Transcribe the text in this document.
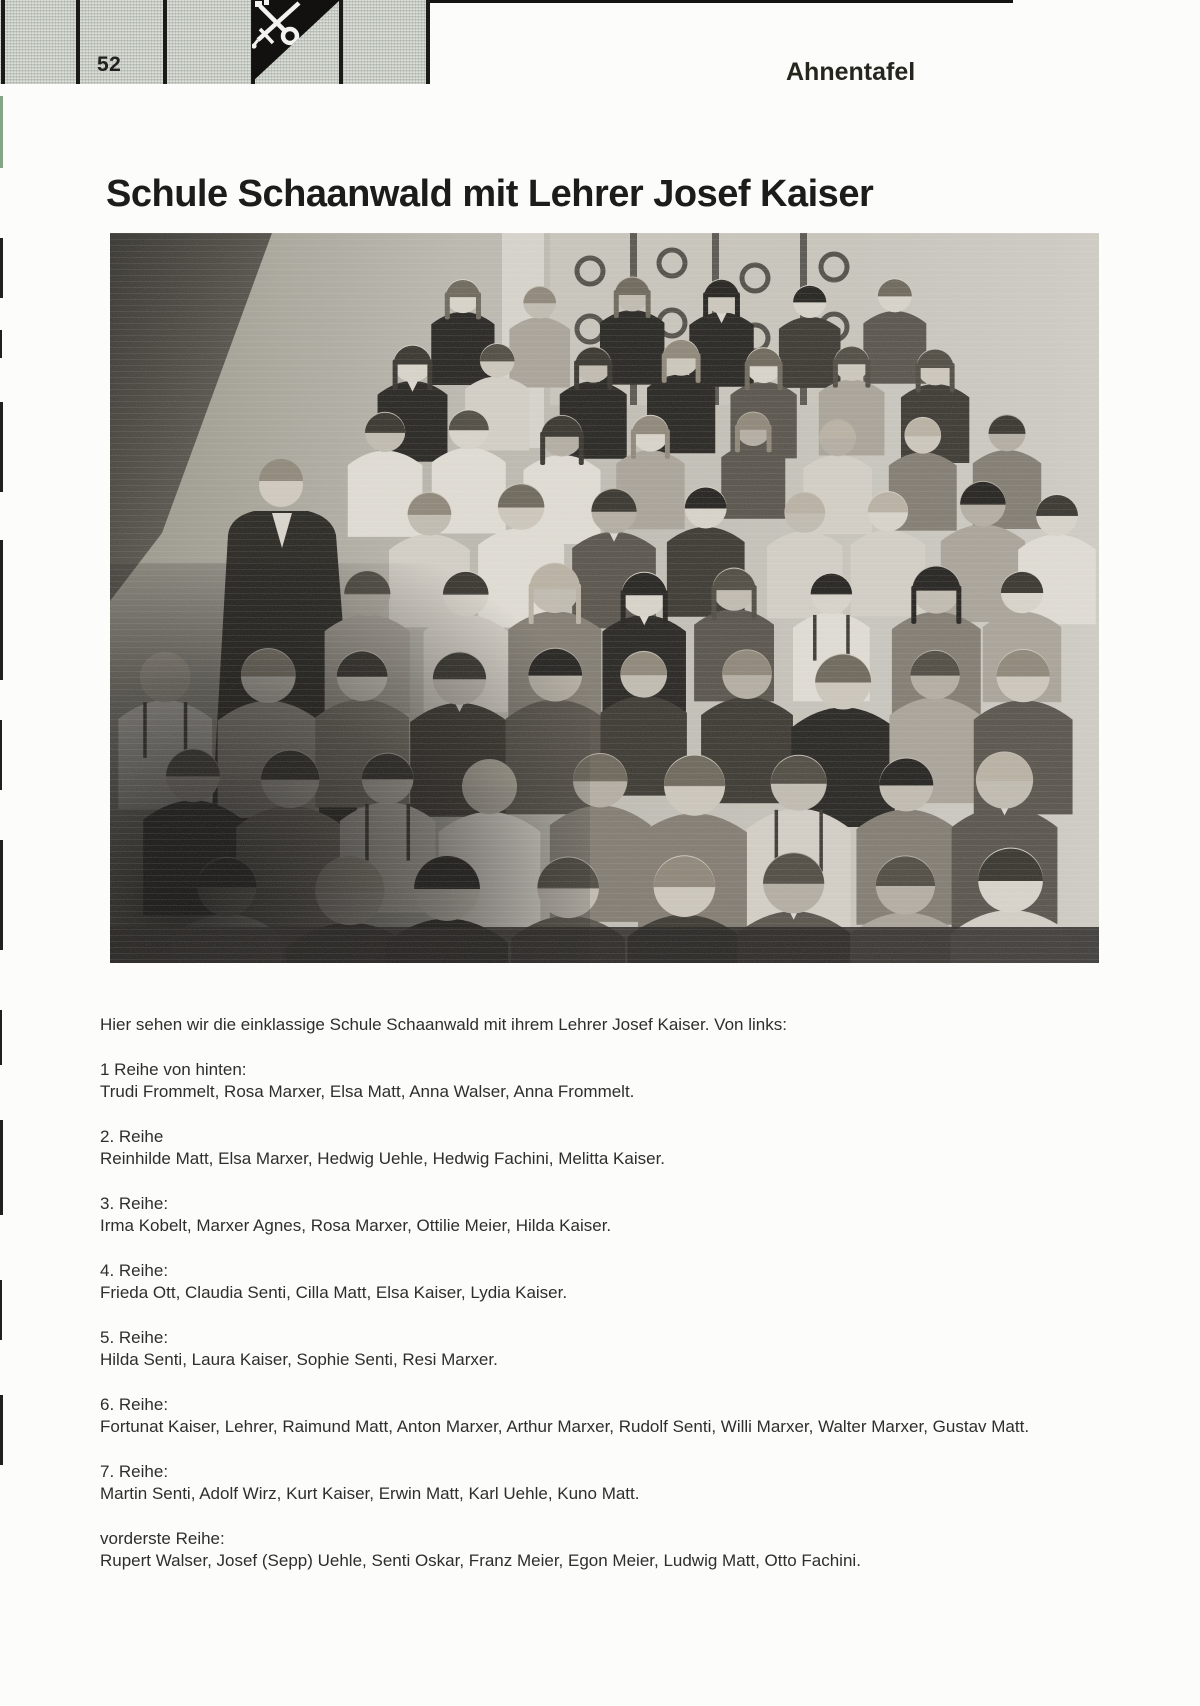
52	Ahnentafel
Schule Schaanwald mit Lehrer Josef Kaiser

Hier sehen wir die einklassige Schule Schaanwald mit ihrem Lehrer Josef Kaiser. Von links:

1 Reihe von hinten:
Trudi Frommelt, Rosa Marxer, Elsa Matt, Anna Walser, Anna Frommelt.
2. Reihe
Reinhilde Matt, Elsa Marxer, Hedwig Uehle, Hedwig Fachini, Melitta Kaiser.
3. Reihe:
Irma Kobelt, Marxer Agnes, Rosa Marxer, Ottilie Meier, Hilda Kaiser.
4. Reihe:
Frieda Ott, Claudia Senti, Cilla Matt, Elsa Kaiser, Lydia Kaiser.
5. Reihe:
Hilda Senti, Laura Kaiser, Sophie Senti, Resi Marxer.
6. Reihe:
Fortunat Kaiser, Lehrer, Raimund Matt, Anton Marxer, Arthur Marxer, Rudolf Senti, Willi Marxer, Walter Marxer, Gustav Matt.
7. Reihe:
Martin Senti, Adolf Wirz, Kurt Kaiser, Erwin Matt, Karl Uehle, Kuno Matt.
vorderste Reihe:
Rupert Walser, Josef (Sepp) Uehle, Senti Oskar, Franz Meier, Egon Meier, Ludwig Matt, Otto Fachini.
